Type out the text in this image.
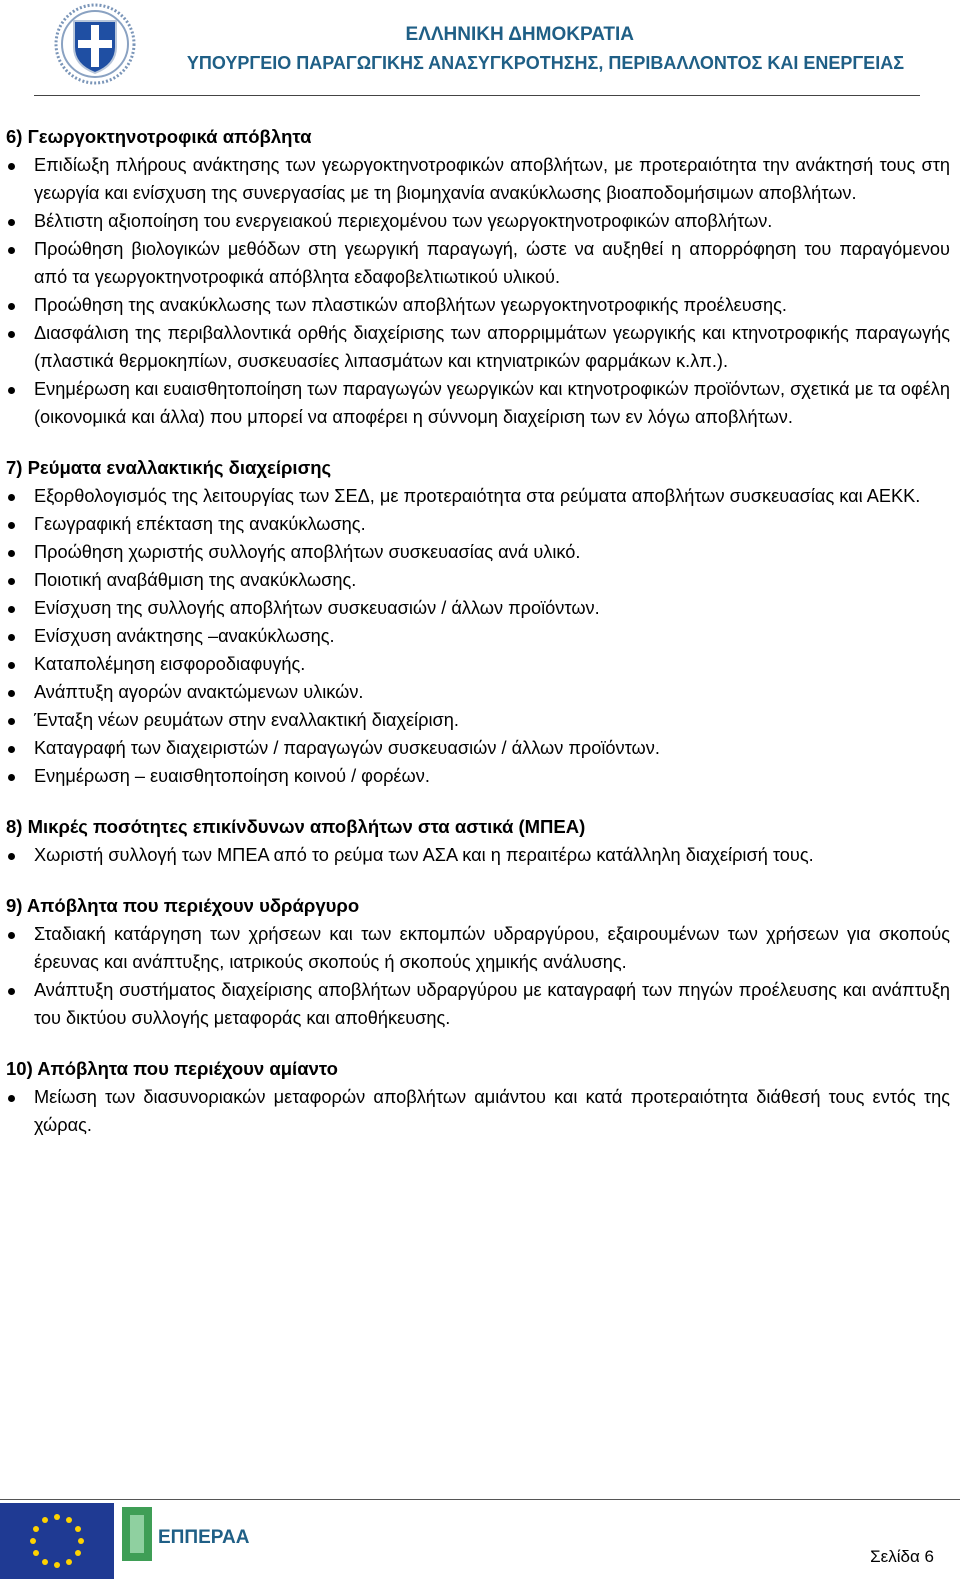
ΕΛΛΗΝΙΚΗ ΔΗΜΟΚΡΑΤΙΑ
ΥΠΟΥΡΓΕΙΟ ΠΑΡΑΓΩΓΙΚΗΣ ΑΝΑΣΥΓΚΡΟΤΗΣΗΣ, ΠΕΡΙΒΑΛΛΟΝΤΟΣ ΚΑΙ ΕΝΕΡΓΕΙΑΣ
6) Γεωργοκτηνοτροφικά απόβλητα
Επιδίωξη πλήρους ανάκτησης των γεωργοκτηνοτροφικών αποβλήτων, με προτεραιότητα την ανάκτησή τους στη γεωργία και ενίσχυση της συνεργασίας με τη βιομηχανία ανακύκλωσης βιοαποδομήσιμων αποβλήτων.
Βέλτιστη αξιοποίηση του ενεργειακού περιεχομένου των γεωργοκτηνοτροφικών αποβλήτων.
Προώθηση βιολογικών μεθόδων στη γεωργική παραγωγή, ώστε να αυξηθεί η απορρόφηση του παραγόμενου από τα γεωργοκτηνοτροφικά απόβλητα εδαφοβελτιωτικού υλικού.
Προώθηση της ανακύκλωσης των πλαστικών αποβλήτων γεωργοκτηνοτροφικής προέλευσης.
Διασφάλιση της περιβαλλοντικά ορθής διαχείρισης των απορριμμάτων γεωργικής και κτηνοτροφικής παραγωγής (πλαστικά θερμοκηπίων, συσκευασίες λιπασμάτων και κτηνιατρικών φαρμάκων κ.λπ.).
Ενημέρωση και ευαισθητοποίηση των παραγωγών γεωργικών και κτηνοτροφικών προϊόντων, σχετικά με τα οφέλη (οικονομικά και άλλα) που μπορεί να αποφέρει η σύννομη διαχείριση των εν λόγω αποβλήτων.
7) Ρεύματα εναλλακτικής διαχείρισης
Εξορθολογισμός της λειτουργίας των ΣΕΔ, με προτεραιότητα στα ρεύματα αποβλήτων συσκευασίας και ΑΕΚΚ.
Γεωγραφική επέκταση της ανακύκλωσης.
Προώθηση χωριστής συλλογής αποβλήτων συσκευασίας ανά υλικό.
Ποιοτική αναβάθμιση της ανακύκλωσης.
Ενίσχυση της συλλογής αποβλήτων συσκευασιών / άλλων προϊόντων.
Ενίσχυση ανάκτησης –ανακύκλωσης.
Καταπολέμηση εισφοροδιαφυγής.
Ανάπτυξη αγορών ανακτώμενων υλικών.
Ένταξη νέων ρευμάτων στην εναλλακτική διαχείριση.
Καταγραφή των διαχειριστών / παραγωγών συσκευασιών / άλλων προϊόντων.
Ενημέρωση – ευαισθητοποίηση κοινού / φορέων.
8) Μικρές ποσότητες επικίνδυνων αποβλήτων στα αστικά (ΜΠΕΑ)
Χωριστή συλλογή των ΜΠΕΑ από το ρεύμα των ΑΣΑ και η περαιτέρω κατάλληλη διαχείρισή τους.
9) Απόβλητα που περιέχουν υδράργυρο
Σταδιακή κατάργηση των χρήσεων και των εκπομπών υδραργύρου, εξαιρουμένων των χρήσεων για σκοπούς έρευνας και ανάπτυξης, ιατρικούς σκοπούς ή σκοπούς χημικής ανάλυσης.
Ανάπτυξη συστήματος διαχείρισης αποβλήτων υδραργύρου με καταγραφή των πηγών προέλευσης και ανάπτυξη του δικτύου συλλογής μεταφοράς και αποθήκευσης.
10) Απόβλητα που περιέχουν αμίαντο
Μείωση των διασυνοριακών μεταφορών αποβλήτων αμιάντου και κατά προτεραιότητα διάθεσή τους εντός της χώρας.
ΕΠΠΕΡΑΑ
Σελίδα 6
